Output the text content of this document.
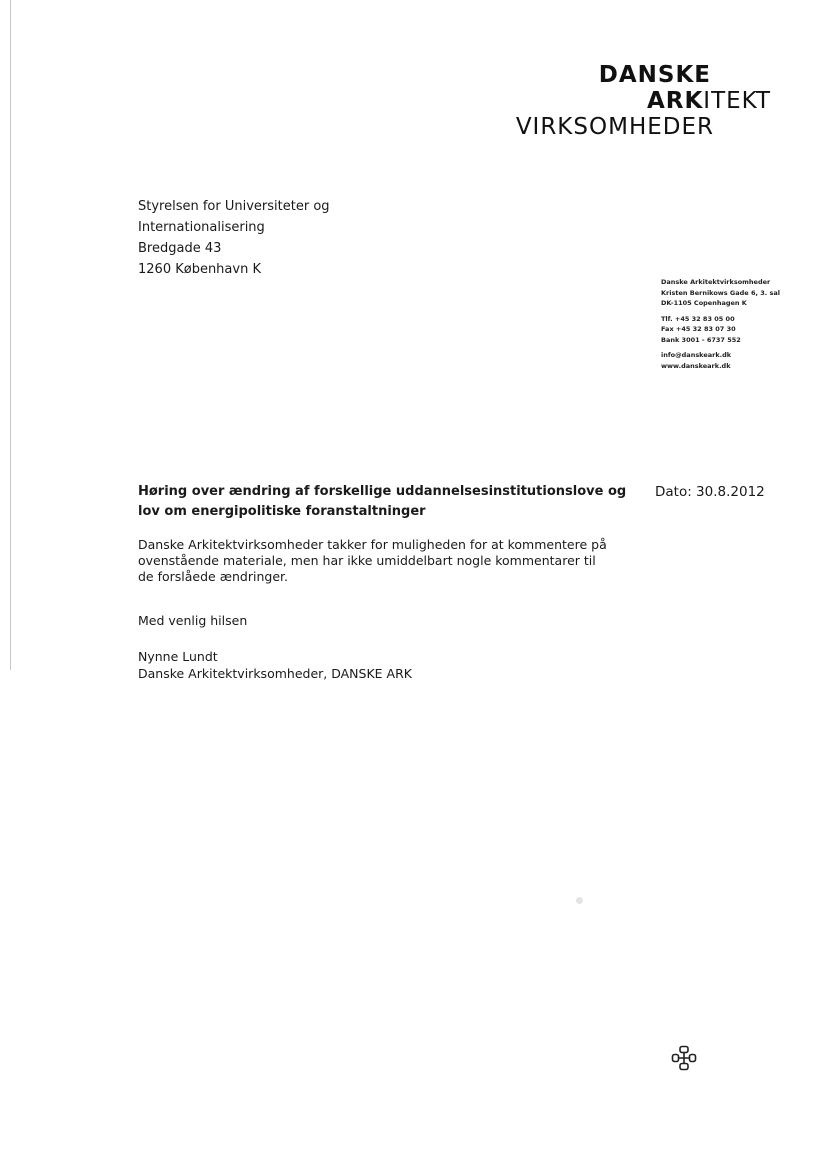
DANSKE
ARKITEKT
VIRKSOMHEDER
Styrelsen for Universiteter og
Internationalisering
Bredgade 43
1260 København K
Danske Arkitektvirksomheder
Kristen Bernikows Gade 6, 3. sal
DK-1105 Copenhagen K
Tlf. +45 32 83 05 00
Fax +45 32 83 07 30
Bank 3001 - 6737 552
info@danskeark.dk
www.danskeark.dk
Høring over ændring af forskellige uddannelsesinstitutionslove og lov om energipolitiske foranstaltninger
Dato: 30.8.2012
Danske Arkitektvirksomheder takker for muligheden for at kommentere på ovenstående materiale, men har ikke umiddelbart nogle kommentarer til de forslåede ændringer.
Med venlig hilsen
Nynne Lundt
Danske Arkitektvirksomheder, DANSKE ARK
